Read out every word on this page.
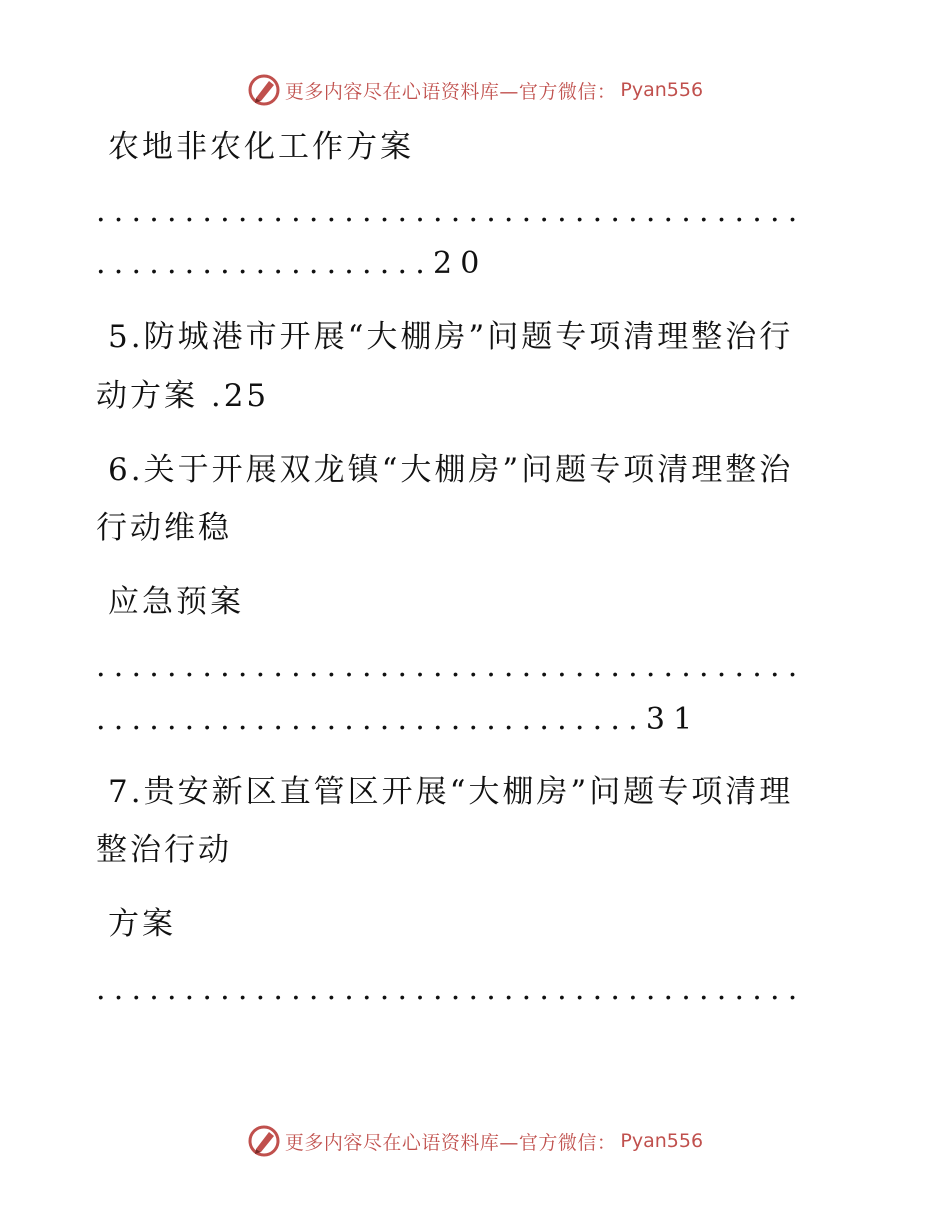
更多内容尽在心语资料库—官方微信： Pyan556
农地非农化工作方案
........................................
...................20
5.防城港市开展“大棚房”问题专项清理整治行
动方案 .25
6.关于开展双龙镇“大棚房”问题专项清理整治
行动维稳
应急预案
........................................
...............................31
7.贵安新区直管区开展“大棚房”问题专项清理
整治行动
方案
........................................
更多内容尽在心语资料库—官方微信： Pyan556
